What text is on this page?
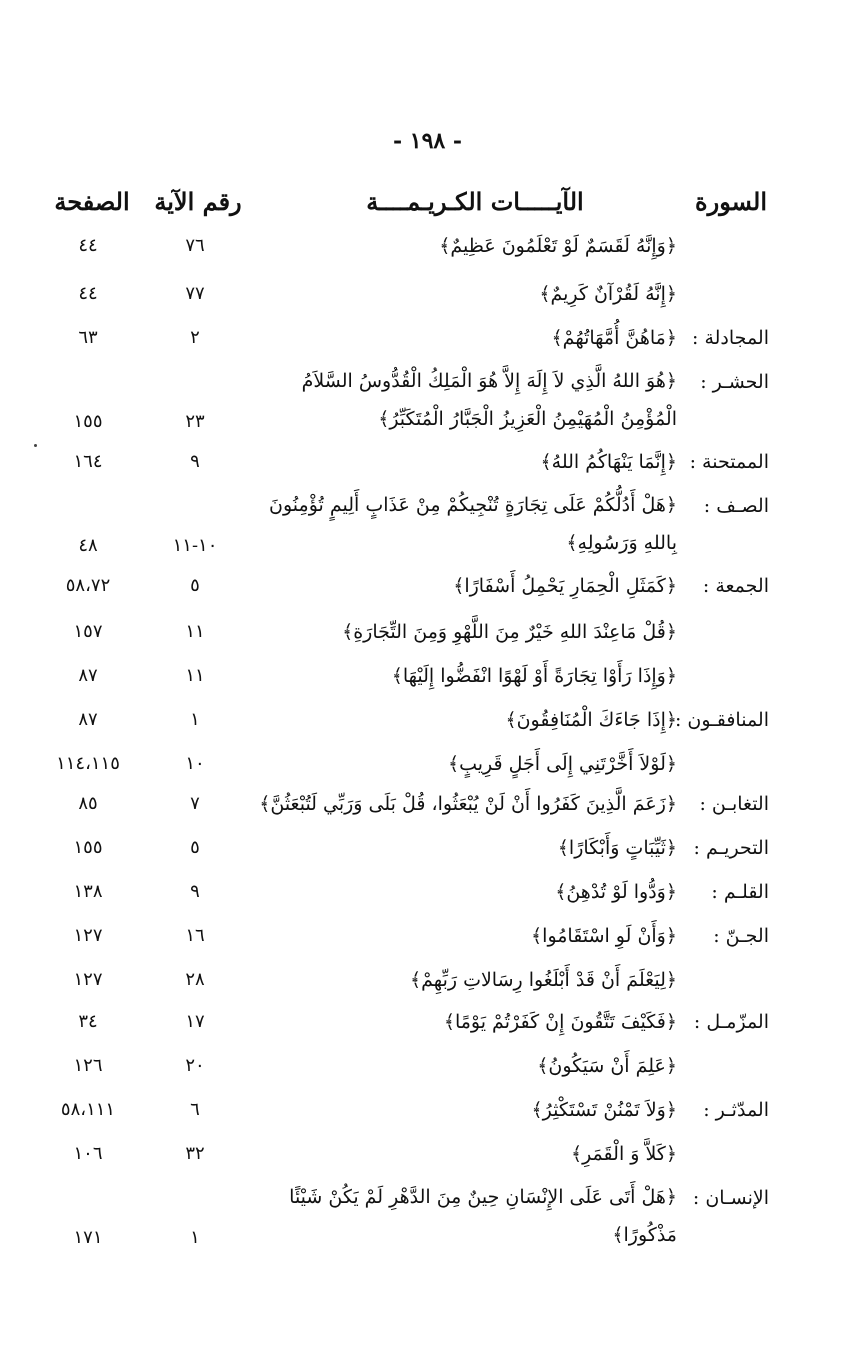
- ١٩٨ -
السورة
الآيـــــات الكـريـمــــة
رقم الآية
الصفحة
﴿وَإِنَّهُ لَقَسَمٌ لَوْ تَعْلَمُونَ عَظِيمٌ﴾
٧٦
٤٤
﴿إِنَّهُ لَقُرْآنٌ كَرِيمٌ﴾
٧٧
٤٤
المجادلة :
﴿مَاهُنَّ أُمَّهَاتُهُمْ﴾
٢
٦٣
الحشـر :
﴿هُوَ اللهُ الَّذِي لاَ إِلَهَ إِلاَّ هُوَ الْمَلِكُ الْقُدُّوسُ السَّلاَمُ الْمُؤْمِنُ الْمُهَيْمِنُ الْعَزِيزُ الْجَبَّارُ الْمُتَكَبِّرُ﴾
٢٣
١٥٥
الممتحنة :
﴿إِنَّمَا يَنْهَاكُمُ اللهُ﴾
٩
١٦٤
الصـف :
﴿هَلْ أَدُلُّكُمْ عَلَى تِجَارَةٍ تُنْجِيكُمْ مِنْ عَذَابٍ أَلِيمٍ تُؤْمِنُونَ بِاللهِ وَرَسُولِهِ﴾
١٠-١١
٤٨
الجمعة :
﴿كَمَثَلِ الْحِمَارِ يَحْمِلُ أَسْفَارًا﴾
٥
٥٨،٧٢
﴿قُلْ مَاعِنْدَ اللهِ خَيْرٌ مِنَ اللَّهْوِ وَمِنَ التِّجَارَةِ﴾
١١
١٥٧
﴿وَإِذَا رَأَوْا تِجَارَةً أَوْ لَهْوًا انْفَضُّوا إِلَيْهَا﴾
١١
٨٧
المنافقـون :
﴿إِذَا جَاءَكَ الْمُنَافِقُونَ﴾
١
٨٧
﴿لَوْلاَ أَخَّرْتَنِي إِلَى أَجَلٍ قَرِيبٍ﴾
١٠
١١٤،١١٥
التغابـن :
﴿زَعَمَ الَّذِينَ كَفَرُوا أَنْ لَنْ يُبْعَثُوا، قُلْ بَلَى وَرَبِّي لَتُبْعَثُنَّ﴾
٧
٨٥
التحريـم :
﴿ثَيِّبَاتٍ وَأَبْكَارًا﴾
٥
١٥٥
القلـم :
﴿وَدُّوا لَوْ تُدْهِنُ﴾
٩
١٣٨
الجـنّ :
﴿وَأَنْ لَوِ اسْتَقَامُوا﴾
١٦
١٢٧
﴿لِيَعْلَمَ أَنْ قَدْ أَبْلَغُوا رِسَالاتِ رَبِّهِمْ﴾
٢٨
١٢٧
المزّمـل :
﴿فَكَيْفَ تَتَّقُونَ إِنْ كَفَرْتُمْ يَوْمًا﴾
١٧
٣٤
﴿عَلِمَ أَنْ سَيَكُونُ﴾
٢٠
١٢٦
المدّثـر :
﴿وَلاَ تَمْنُنْ تَسْتَكْثِرُ﴾
٦
٥٨،١١١
﴿كَلاَّ وَ الْقَمَرِ﴾
٣٢
١٠٦
الإنسـان :
﴿هَلْ أَتَى عَلَى الإِنْسَانِ حِينٌ مِنَ الدَّهْرِ لَمْ يَكُنْ شَيْئًا مَذْكُورًا﴾
١
١٧١
